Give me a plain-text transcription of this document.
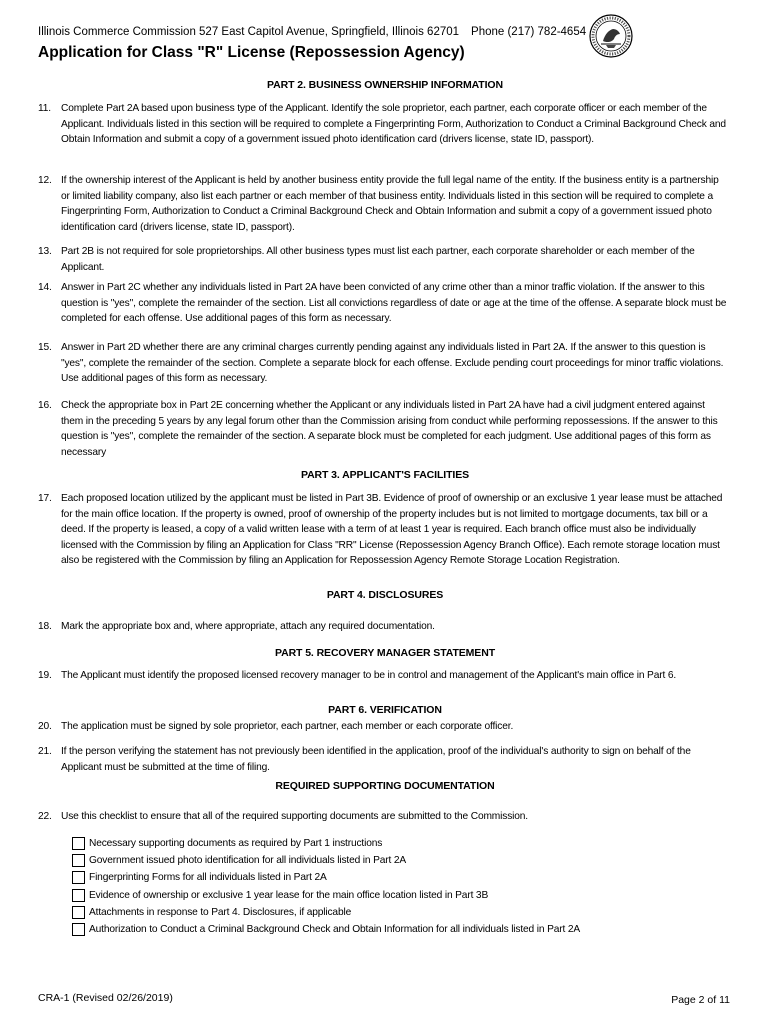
Illinois Commerce Commission 527 East Capitol Avenue, Springfield, Illinois 62701 Phone (217) 782-4654
Application for Class "R" License (Repossession Agency)
PART 2. BUSINESS OWNERSHIP INFORMATION
11. Complete Part 2A based upon business type of the Applicant. Identify the sole proprietor, each partner, each corporate officer or each member of the Applicant. Individuals listed in this section will be required to complete a Fingerprinting Form, Authorization to Conduct a Criminal Background Check and Obtain Information and submit a copy of a government issued photo identification card (drivers license, state ID, passport).
12. If the ownership interest of the Applicant is held by another business entity provide the full legal name of the entity. If the business entity is a partnership or limited liability company, also list each partner or each member of that business entity. Individuals listed in this section will be required to complete a Fingerprinting Form, Authorization to Conduct a Criminal Background Check and Obtain Information and submit a copy of a government issued photo identification card (drivers license, state ID, passport).
13. Part 2B is not required for sole proprietorships. All other business types must list each partner, each corporate shareholder or each member of the Applicant.
14. Answer in Part 2C whether any individuals listed in Part 2A have been convicted of any crime other than a minor traffic violation. If the answer to this question is "yes", complete the remainder of the section. List all convictions regardless of date or age at the time of the offense. A separate block must be completed for each offense. Use additional pages of this form as necessary.
15. Answer in Part 2D whether there are any criminal charges currently pending against any individuals listed in Part 2A. If the answer to this question is "yes", complete the remainder of the section. Complete a separate block for each offense. Exclude pending court proceedings for minor traffic violations. Use additional pages of this form as necessary.
16. Check the appropriate box in Part 2E concerning whether the Applicant or any individuals listed in Part 2A have had a civil judgment entered against them in the preceding 5 years by any legal forum other than the Commission arising from conduct while performing repossessions. If the answer to this question is "yes", complete the remainder of the section. A separate block must be completed for each judgment. Use additional pages of this form as necessary
PART 3. APPLICANT'S FACILITIES
17. Each proposed location utilized by the applicant must be listed in Part 3B. Evidence of proof of ownership or an exclusive 1 year lease must be attached for the main office location. If the property is owned, proof of ownership of the property includes but is not limited to mortgage documents, tax bill or a deed. If the property is leased, a copy of a valid written lease with a term of at least 1 year is required. Each branch office must also be individually licensed with the Commission by filing an Application for Class "RR" License (Repossession Agency Branch Office). Each remote storage location must also be registered with the Commission by filing an Application for Repossession Agency Remote Storage Location Registration.
PART 4. DISCLOSURES
18. Mark the appropriate box and, where appropriate, attach any required documentation.
PART 5. RECOVERY MANAGER STATEMENT
19. The Applicant must identify the proposed licensed recovery manager to be in control and management of the Applicant's main office in Part 6.
PART 6. VERIFICATION
20. The application must be signed by sole proprietor, each partner, each member or each corporate officer.
21. If the person verifying the statement has not previously been identified in the application, proof of the individual's authority to sign on behalf of the Applicant must be submitted at the time of filing.
REQUIRED SUPPORTING DOCUMENTATION
22. Use this checklist to ensure that all of the required supporting documents are submitted to the Commission.
Necessary supporting documents as required by Part 1 instructions
Government issued photo identification for all individuals listed in Part 2A
Fingerprinting Forms for all individuals listed in Part 2A
Evidence of ownership or exclusive 1 year lease for the main office location listed in Part 3B
Attachments in response to Part 4. Disclosures, if applicable
Authorization to Conduct a Criminal Background Check and Obtain Information for all individuals listed in Part 2A
CRA-1 (Revised 02/26/2019)	Page 2 of 11
